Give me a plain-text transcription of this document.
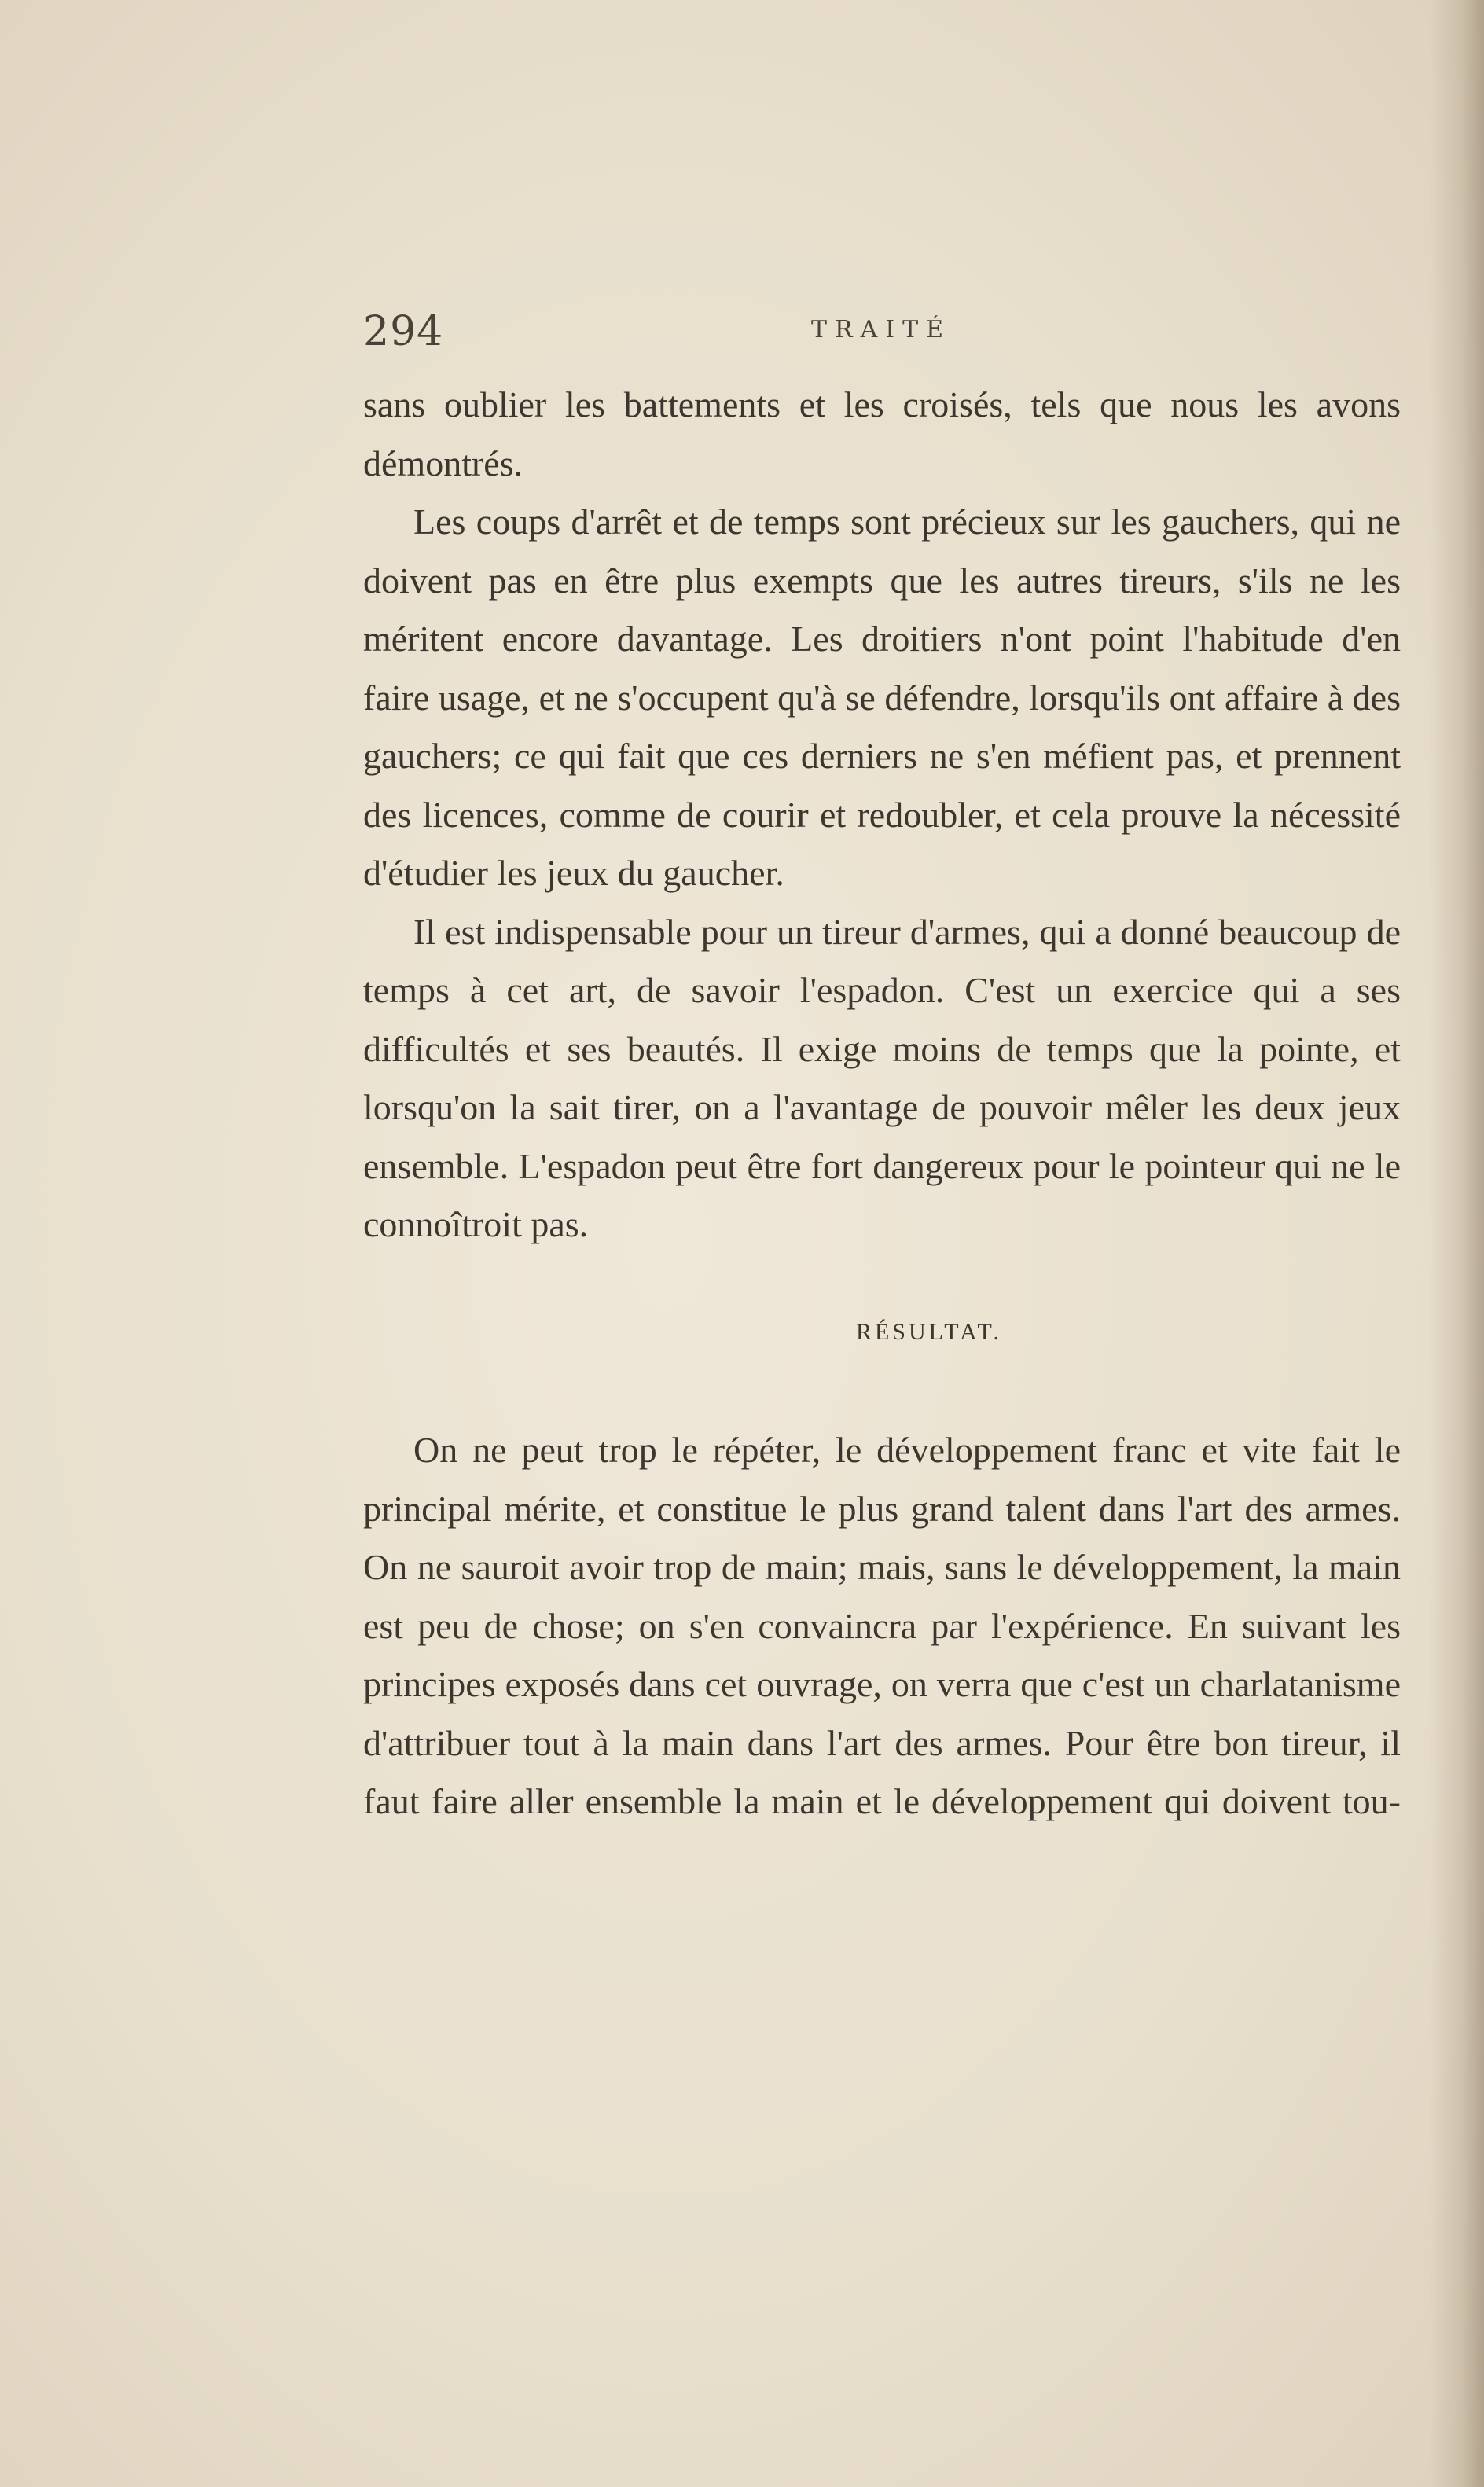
294	TRAITÉ

sans oublier les battements et les croisés, tels que nous les avons démontrés.

Les coups d'arrêt et de temps sont précieux sur les gauchers, qui ne doivent pas en être plus exempts que les autres tireurs, s'ils ne les méritent encore davantage. Les droitiers n'ont point l'habitude d'en faire usage, et ne s'occupent qu'à se défendre, lorsqu'ils ont affaire à des gauchers; ce qui fait que ces derniers ne s'en méfient pas, et prennent des licences, comme de courir et redoubler, et cela prouve la nécessité d'étudier les jeux du gaucher.

Il est indispensable pour un tireur d'armes, qui a donné beaucoup de temps à cet art, de savoir l'espadon. C'est un exercice qui a ses difficultés et ses beautés. Il exige moins de temps que la pointe, et lorsqu'on la sait tirer, on a l'avantage de pouvoir mêler les deux jeux ensemble. L'espadon peut être fort dangereux pour le pointeur qui ne le connoîtroit pas.

RÉSULTAT.

On ne peut trop le répéter, le développement franc et vite fait le principal mérite, et constitue le plus grand talent dans l'art des armes. On ne sauroit avoir trop de main; mais, sans le développement, la main est peu de chose; on s'en convaincra par l'expérience. En suivant les principes exposés dans cet ouvrage, on verra que c'est un charlatanisme d'attribuer tout à la main dans l'art des armes. Pour être bon tireur, il faut faire aller ensemble la main et le développement qui doivent tou-
